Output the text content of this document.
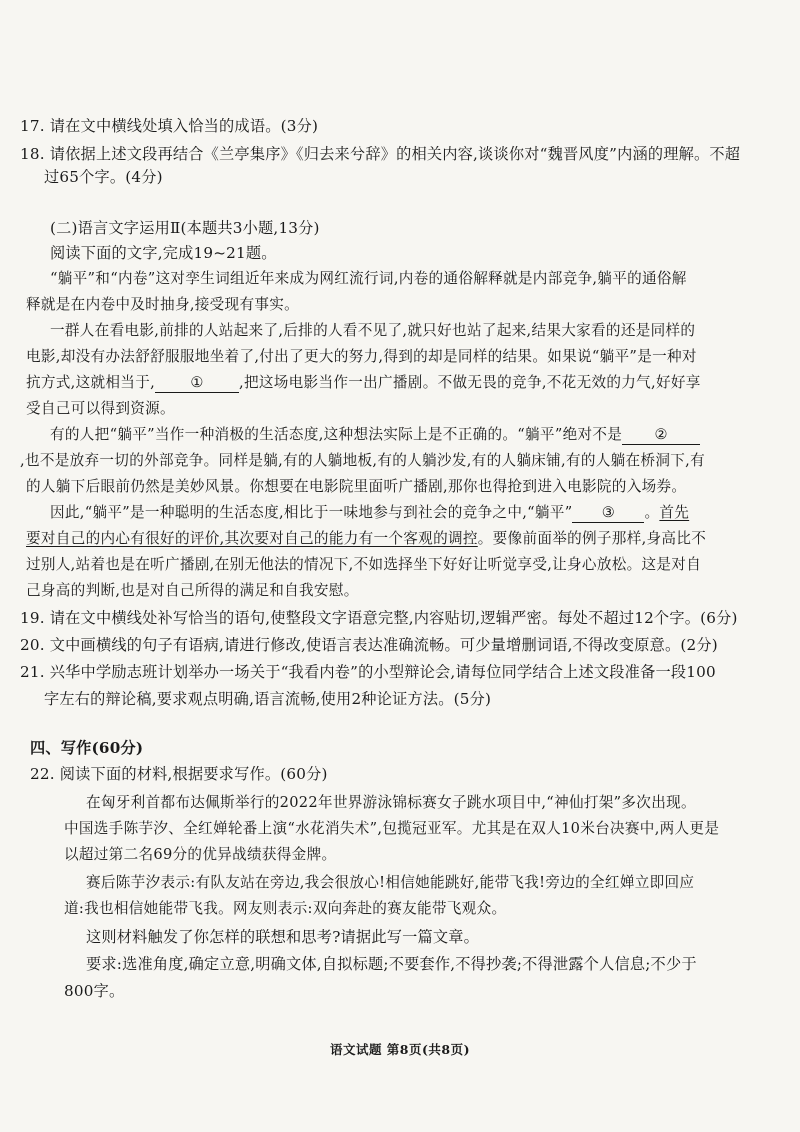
17. 请在文中横线处填入恰当的成语。(3分)
18. 请依据上述文段再结合《兰亭集序》《归去来兮辞》的相关内容,谈谈你对“魏晋风度”内涵的理解。不超
过65个字。(4分)
(二)语言文字运用Ⅱ(本题共3小题,13分)
阅读下面的文字,完成19~21题。
“躺平”和“内卷”这对孪生词组近年来成为网红流行词,内卷的通俗解释就是内部竞争,躺平的通俗解
释就是在内卷中及时抽身,接受现有事实。
一群人在看电影,前排的人站起来了,后排的人看不见了,就只好也站了起来,结果大家看的还是同样的
电影,却没有办法舒舒服服地坐着了,付出了更大的努力,得到的却是同样的结果。如果说“躺平”是一种对
抗方式,这就相当于, ① ,把这场电影当作一出广播剧。不做无畏的竞争,不花无效的力气,好好享
受自己可以得到资源。
有的人把“躺平”当作一种消极的生活态度,这种想法实际上是不正确的。“躺平”绝对不是 ②
,也不是放弃一切的外部竞争。同样是躺,有的人躺地板,有的人躺沙发,有的人躺床铺,有的人躺在桥洞下,有
的人躺下后眼前仍然是美妙风景。你想要在电影院里面听广播剧,那你也得抢到进入电影院的入场券。
因此,“躺平”是一种聪明的生活态度,相比于一味地参与到社会的竞争之中,“躺平” ③ 。首先
要对自己的内心有很好的评价,其次要对自己的能力有一个客观的调控。要像前面举的例子那样,身高比不
过别人,站着也是在听广播剧,在别无他法的情况下,不如选择坐下好好让听觉享受,让身心放松。这是对自
己身高的判断,也是对自己所得的满足和自我安慰。
19. 请在文中横线处补写恰当的语句,使整段文字语意完整,内容贴切,逻辑严密。每处不超过12个字。(6分)
20. 文中画横线的句子有语病,请进行修改,使语言表达准确流畅。可少量增删词语,不得改变原意。(2分)
21. 兴华中学励志班计划举办一场关于“我看内卷”的小型辩论会,请每位同学结合上述文段准备一段100
字左右的辩论稿,要求观点明确,语言流畅,使用2种论证方法。(5分)
四、写作(60分)
22. 阅读下面的材料,根据要求写作。(60分)
在匈牙利首都布达佩斯举行的2022年世界游泳锦标赛女子跳水项目中,“神仙打架”多次出现。
中国选手陈芋汐、全红婵轮番上演“水花消失术”,包揽冠亚军。尤其是在双人10米台决赛中,两人更是
以超过第二名69分的优异战绩获得金牌。
赛后陈芋汐表示:有队友站在旁边,我会很放心!相信她能跳好,能带飞我!旁边的全红婵立即回应
道:我也相信她能带飞我。网友则表示:双向奔赴的赛友能带飞观众。
这则材料触发了你怎样的联想和思考?请据此写一篇文章。
要求:选准角度,确定立意,明确文体,自拟标题;不要套作,不得抄袭;不得泄露个人信息;不少于
800字。
语文试题 第8页(共8页)
